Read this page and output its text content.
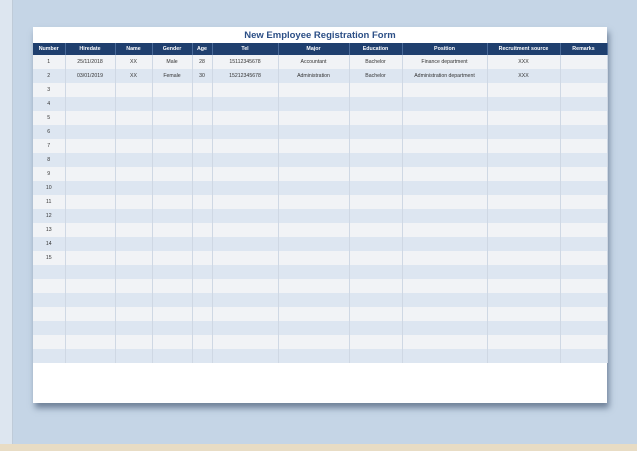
New Employee Registration Form
Number	Hiredate	Name	Gender	Age	Tel	Major	Education	Position	Recruitment source	Remarks
1	25/11/2018	XX	Male	28	15112345678	Accountant	Bachelor	Finance department	XXX	
2	03/01/2019	XX	Female	30	15212345678	Administration	Bachelor	Administration department	XXX	
3										
4										
5										
6										
7										
8										
9										
10										
11										
12										
13										
14										
15										
